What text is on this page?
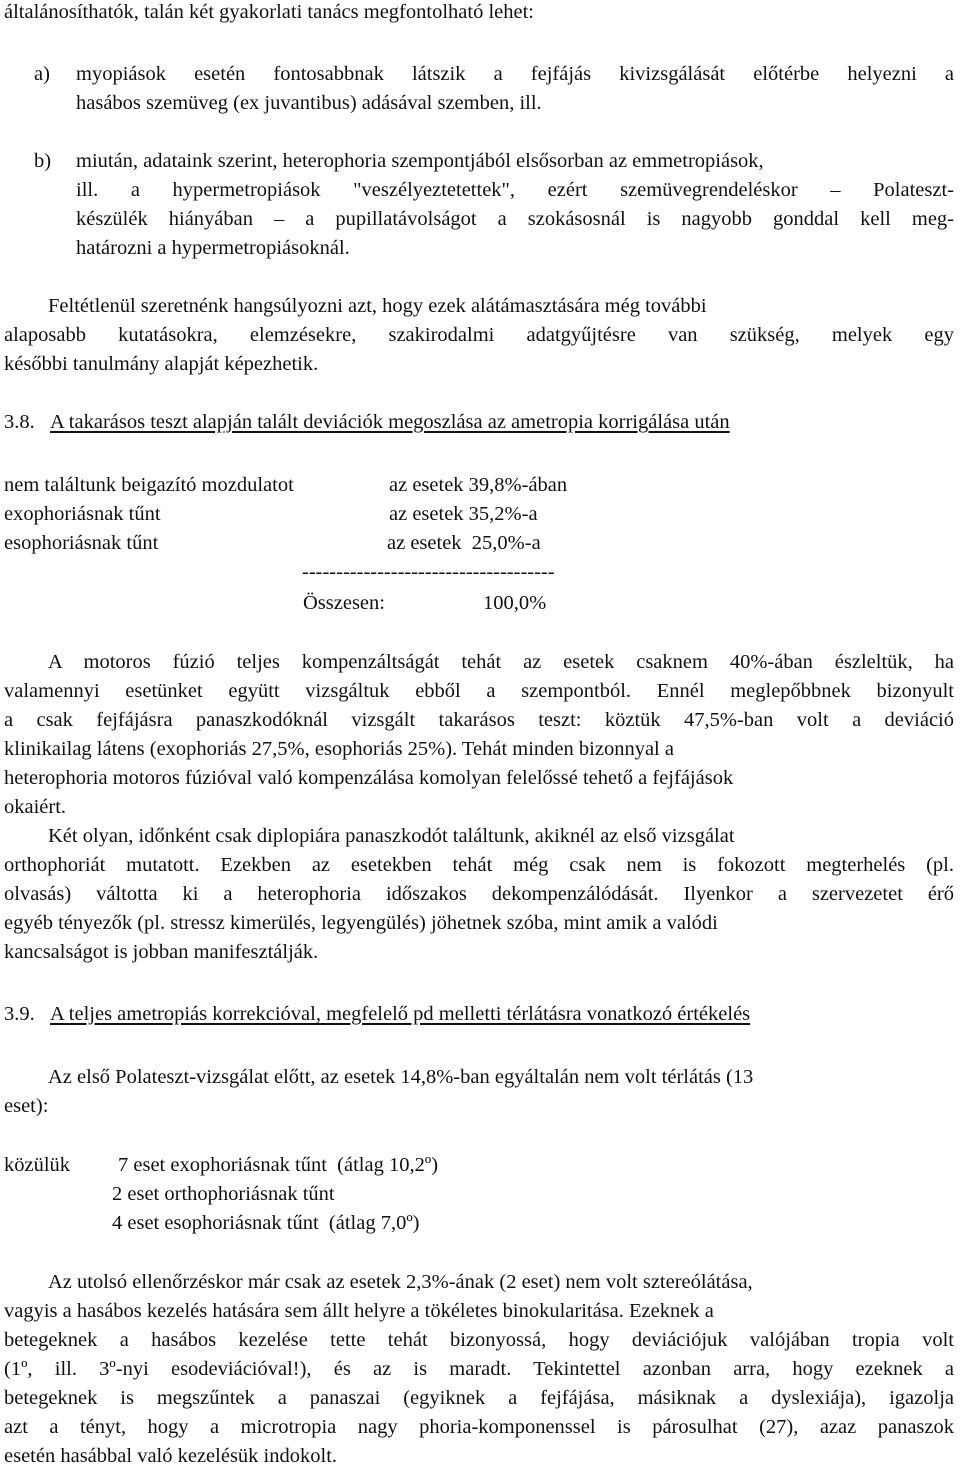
általánosíthatók, talán két gyakorlati tanács megfontolható lehet:
a) myopiások esetén fontosabbnak látszik a fejfájás kivizsgálását előtérbe helyezni a
hasábos szemüveg (ex juvantibus) adásával szemben, ill.
b) miután, adataink szerint, heterophoria szempontjából elsősorban az emmetropiások,
ill. a hypermetropiások "veszélyeztetettek", ezért szemüvegrendeléskor – Polateszt-
készülék hiányában – a pupillatávolságot a szokásosnál is nagyobb gonddal kell meg-
határozni a hypermetropiásoknál.
Feltétlenül szeretnénk hangsúlyozni azt, hogy ezek alátámasztására még további
alaposabb kutatásokra, elemzésekre, szakirodalmi adatgyűjtésre van szükség, melyek egy
későbbi tanulmány alapját képezhetik.
3.8. A takarásos teszt alapján talált deviációk megoszlása az ametropia korrigálása után
nem találtunk beigazító mozdulatot	az esetek 39,8%-ában
exophoriásnak tűnt	az esetek 35,2%-a
esophoriásnak tűnt	az esetek  25,0%-a
-------------------------------------
Összesen:	100,0%
A motoros fúzió teljes kompenzáltságát tehát az esetek csaknem 40%-ában észleltük, ha
valamennyi esetünket együtt vizsgáltuk ebből a szempontból. Ennél meglepőbbnek bizonyult
a csak fejfájásra panaszkodóknál vizsgált takarásos teszt: köztük 47,5%-ban volt a deviáció
klinikailag látens (exophoriás 27,5%, esophoriás 25%). Tehát minden bizonnyal a
heterophoria motoros fúzióval való kompenzálása komolyan felelőssé tehető a fejfájások
okaiért.
Két olyan, időnként csak diplopiára panaszkodót találtunk, akiknél az első vizsgálat
orthophoriát mutatott. Ezekben az esetekben tehát még csak nem is fokozott megterhelés (pl.
olvasás) váltotta ki a heterophoria időszakos dekompenzálódását. Ilyenkor a szervezetet érő
egyéb tényezők (pl. stressz kimerülés, legyengülés) jöhetnek szóba, mint amik a valódi
kancsalságot is jobban manifesztálják.
3.9. A teljes ametropiás korrekcióval, megfelelő pd melletti térlátásra vonatkozó értékelés
Az első Polateszt-vizsgálat előtt, az esetek 14,8%-ban egyáltalán nem volt térlátás (13
eset):
közülük 7 eset exophoriásnak tűnt  (átlag 10,2º)
2 eset orthophoriásnak tűnt
4 eset esophoriásnak tűnt  (átlag 7,0º)
Az utolsó ellenőrzéskor már csak az esetek 2,3%-ának (2 eset) nem volt sztereólátása,
vagyis a hasábos kezelés hatására sem állt helyre a tökéletes binokularitása. Ezeknek a
betegeknek a hasábos kezelése tette tehát bizonyossá, hogy deviációjuk valójában tropia volt
(1º, ill. 3º-nyi esodeviációval!), és az is maradt. Tekintettel azonban arra, hogy ezeknek a
betegeknek is megszűntek a panaszai (egyiknek a fejfájása, másiknak a dyslexiája), igazolja
azt a tényt, hogy a microtropia nagy phoria-komponenssel is párosulhat (27), azaz panaszok
esetén hasábbal való kezelésük indokolt.
